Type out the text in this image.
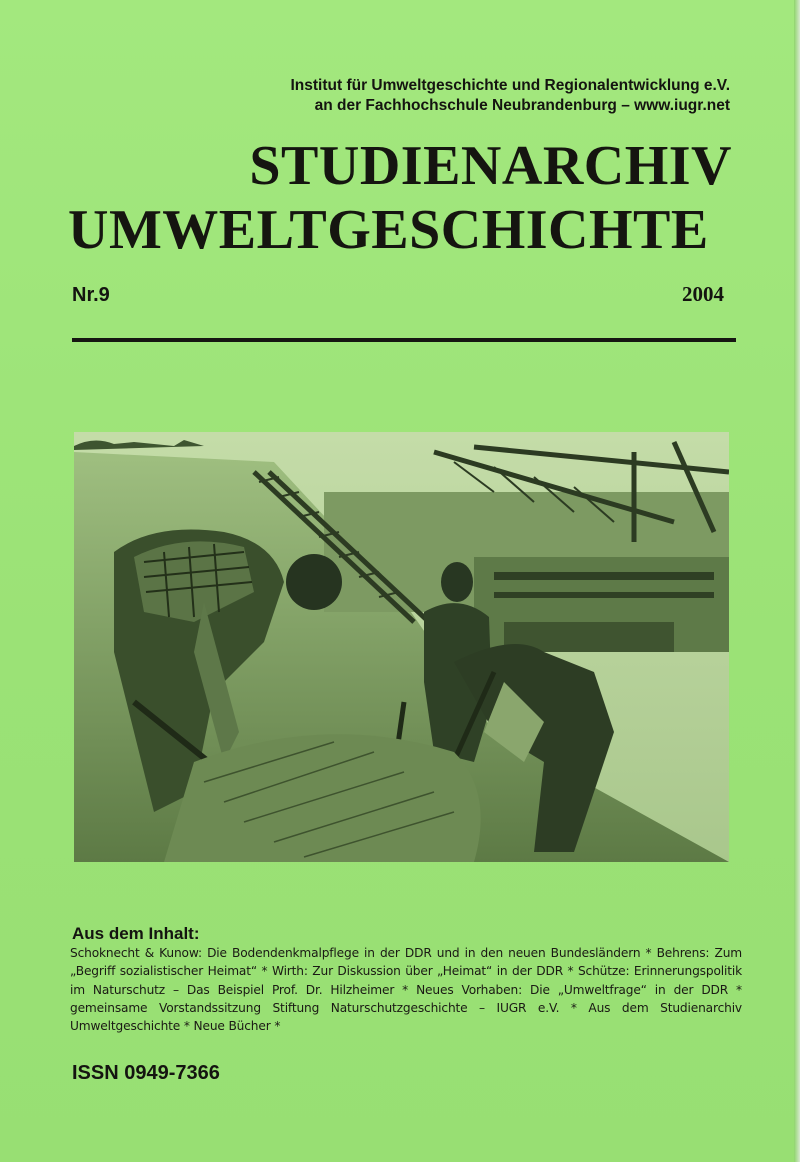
Institut für Umweltgeschichte und Regionalentwicklung e.V.
an der Fachhochschule Neubrandenburg – www.iugr.net

STUDIENARCHIV
UMWELTGESCHICHTE
Nr.9	2004
Aus dem Inhalt:

Schoknecht & Kunow: Die Bodendenkmalpflege in der DDR und in den neuen Bundesländern * Behrens: Zum „Begriff sozialistischer Heimat“ * Wirth: Zur Diskussion über „Heimat“ in der DDR * Schütze: Erinnerungspolitik im Naturschutz – Das Beispiel Prof. Dr. Hilzheimer * Neues Vorhaben: Die „Umweltfrage“ in der DDR * gemeinsame Vorstandssitzung Stiftung Naturschutzgeschichte – IUGR e.V. * Aus dem Studienarchiv Umweltgeschichte * Neue Bücher *

ISSN 0949-7366
